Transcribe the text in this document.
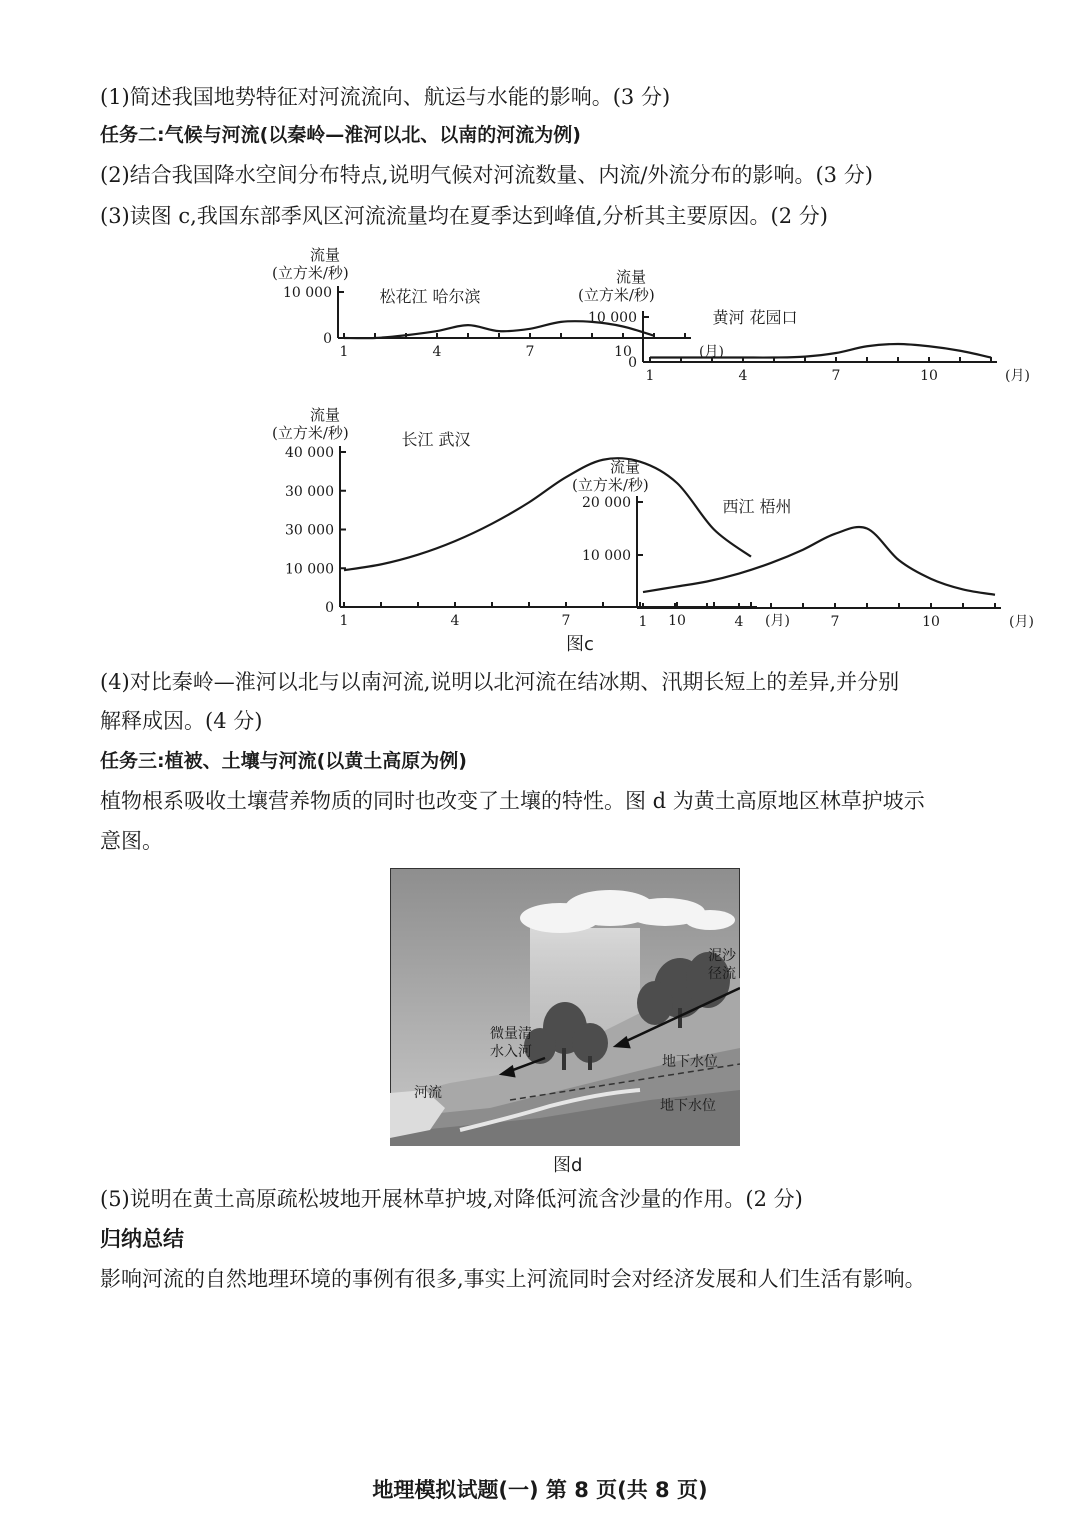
(1)简述我国地势特征对河流流向、航运与水能的影响。(3 分)
任务二:气候与河流(以秦岭—淮河以北、以南的河流为例)
(2)结合我国降水空间分布特点,说明气候对河流数量、内流/外流分布的影响。(3 分)
(3)读图 c,我国东部季风区河流流量均在夏季达到峰值,分析其主要原因。(2 分)
0
10 000
1	4	7	10	(月)
流量
(立方米/秒)
松花江 哈尔滨
0
10 000
1	4	7	10	(月)
流量
(立方米/秒)
黄河 花园口
0
10 000
30 000
30 000
40 000
1	4	7	10	(月)
流量
(立方米/秒)	长江 武汉
10 000
20 000
1	4	7	10	(月)
流量
(立方米/秒)
西江 梧州
图c
(4)对比秦岭—淮河以北与以南河流,说明以北河流在结冰期、汛期长短上的差异,并分别
解释成因。(4 分)
任务三:植被、土壤与河流(以黄土高原为例)
植物根系吸收土壤营养物质的同时也改变了土壤的特性。图 d 为黄土高原地区林草护坡示
意图。
河流
微量清
水入河
泥沙
径流
地下水位
地下水位
图d
(5)说明在黄土高原疏松坡地开展林草护坡,对降低河流含沙量的作用。(2 分)
归纳总结
影响河流的自然地理环境的事例有很多,事实上河流同时会对经济发展和人们生活有影响。
地理模拟试题(一) 第 8 页(共 8 页)
